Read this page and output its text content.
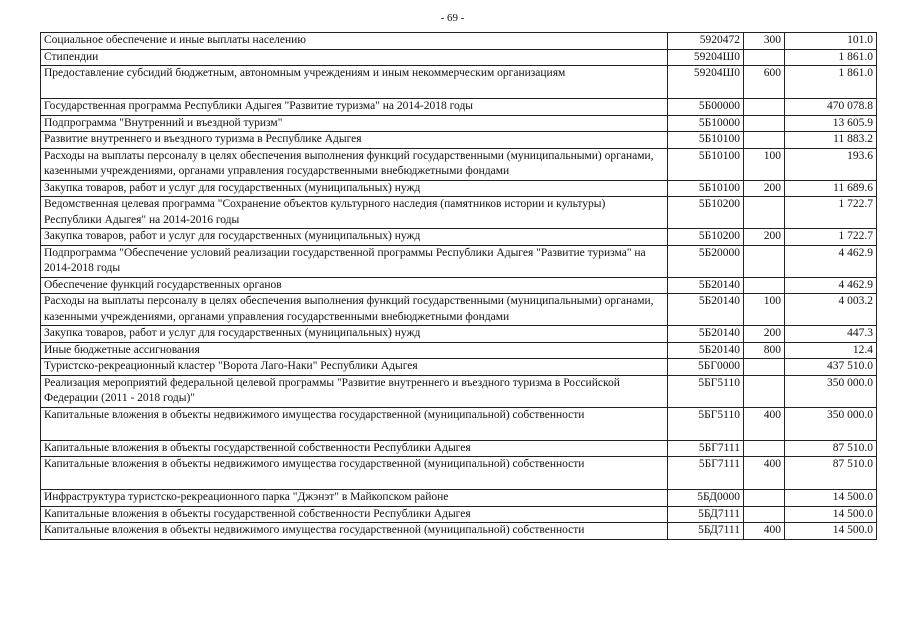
- 69 -
Социальное обеспечение и иные выплаты населению	5920472	300	101.0
Стипендии	59204Ш0		1 861.0
Предоставление субсидий бюджетным, автономным учреждениям и иным некоммерческим организациям	59204Ш0	600	1 861.0
Государственная программа Республики Адыгея "Развитие туризма" на 2014-2018 годы	5Б00000		470 078.8
Подпрограмма "Внутренний и въездной туризм"	5Б10000		13 605.9
Развитие внутреннего и въездного туризма в Республике Адыгея	5Б10100		11 883.2
Расходы на выплаты персоналу в целях обеспечения выполнения функций государственными (муниципальными) органами, казенными учреждениями, органами управления государственными внебюджетными фондами	5Б10100	100	193.6
Закупка товаров, работ и услуг для государственных (муниципальных) нужд	5Б10100	200	11 689.6
Ведомственная целевая программа "Сохранение объектов культурного наследия (памятников истории и культуры) Республики Адыгея" на 2014-2016 годы	5Б10200		1 722.7
Закупка товаров, работ и услуг для государственных (муниципальных) нужд	5Б10200	200	1 722.7
Подпрограмма "Обеспечение условий реализации государственной программы Республики Адыгея "Развитие туризма" на 2014-2018 годы	5Б20000		4 462.9
Обеспечение функций государственных органов	5Б20140		4 462.9
Расходы на выплаты персоналу в целях обеспечения выполнения функций государственными (муниципальными) органами, казенными учреждениями, органами управления государственными внебюджетными фондами	5Б20140	100	4 003.2
Закупка товаров, работ и услуг для государственных (муниципальных) нужд	5Б20140	200	447.3
Иные бюджетные ассигнования	5Б20140	800	12.4
Туристско-рекреационный кластер "Ворота Лаго-Наки" Республики Адыгея	5БГ0000		437 510.0
Реализация мероприятий федеральной целевой программы "Развитие внутреннего и въездного туризма в Российской Федерации (2011 - 2018 годы)"	5БГ5110		350 000.0
Капитальные вложения в объекты недвижимого имущества государственной (муниципальной) собственности	5БГ5110	400	350 000.0
Капитальные вложения в объекты государственной собственности Республики Адыгея	5БГ7111		87 510.0
Капитальные вложения в объекты недвижимого имущества государственной (муниципальной) собственности	5БГ7111	400	87 510.0
Инфраструктура туристско-рекреационного парка "Джэнэт" в Майкопском районе	5БД0000		14 500.0
Капитальные вложения в объекты государственной собственности Республики Адыгея	5БД7111		14 500.0
Капитальные вложения в объекты недвижимого имущества государственной (муниципальной) собственности	5БД7111	400	14 500.0
